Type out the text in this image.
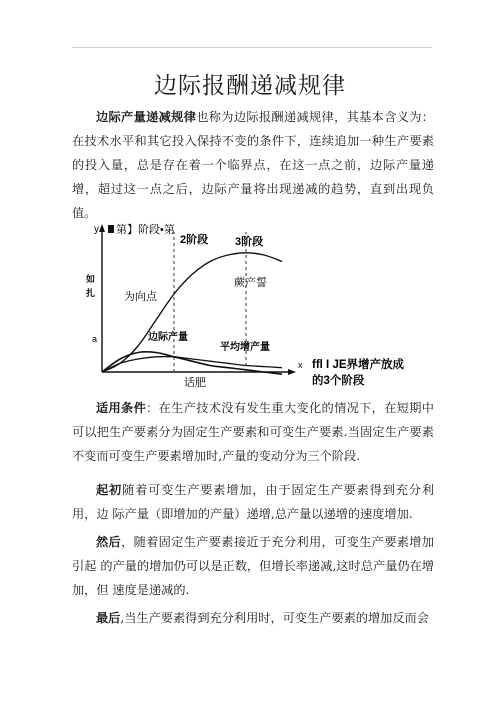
边际报酬递减规律

边际产量递减规律也称为边际报酬递减规律，其基本含义为：在技术水平和其它投入保持不变的条件下，连续追加一种生产要素的投入量，总是存在着一个临界点，在这一点之前，边际产量递增，超过这一点之后，边际产量将出现递减的趋势，直到出现负值。

y 第】阶段•第
2阶段 3阶段
蕨产誓
如
扎	为向点
a	边际产量
平均增产量
x
话肥
ffl I JE界增产放成
的3个阶段

适用条件：在生产技术没有发生重大变化的情况下，在短期中可以把生产要素分为固定生产要素和可变生产要素.当固定生产要素不变而可变生产要素增加时,产量的变动分为三个阶段.

起初随着可变生产要素增加，由于固定生产要素得到充分利用，边 际产量（即增加的产量）递增,总产量以递增的速度增加.

然后，随着固定生产要素接近于充分利用，可变生产要素增加引起 的产量的增加仍可以是正数，但增长率递减,这时总产量仍在增加，但 速度是递减的.

最后,当生产要素得到充分利用时，可变生产要素的增加反而会
